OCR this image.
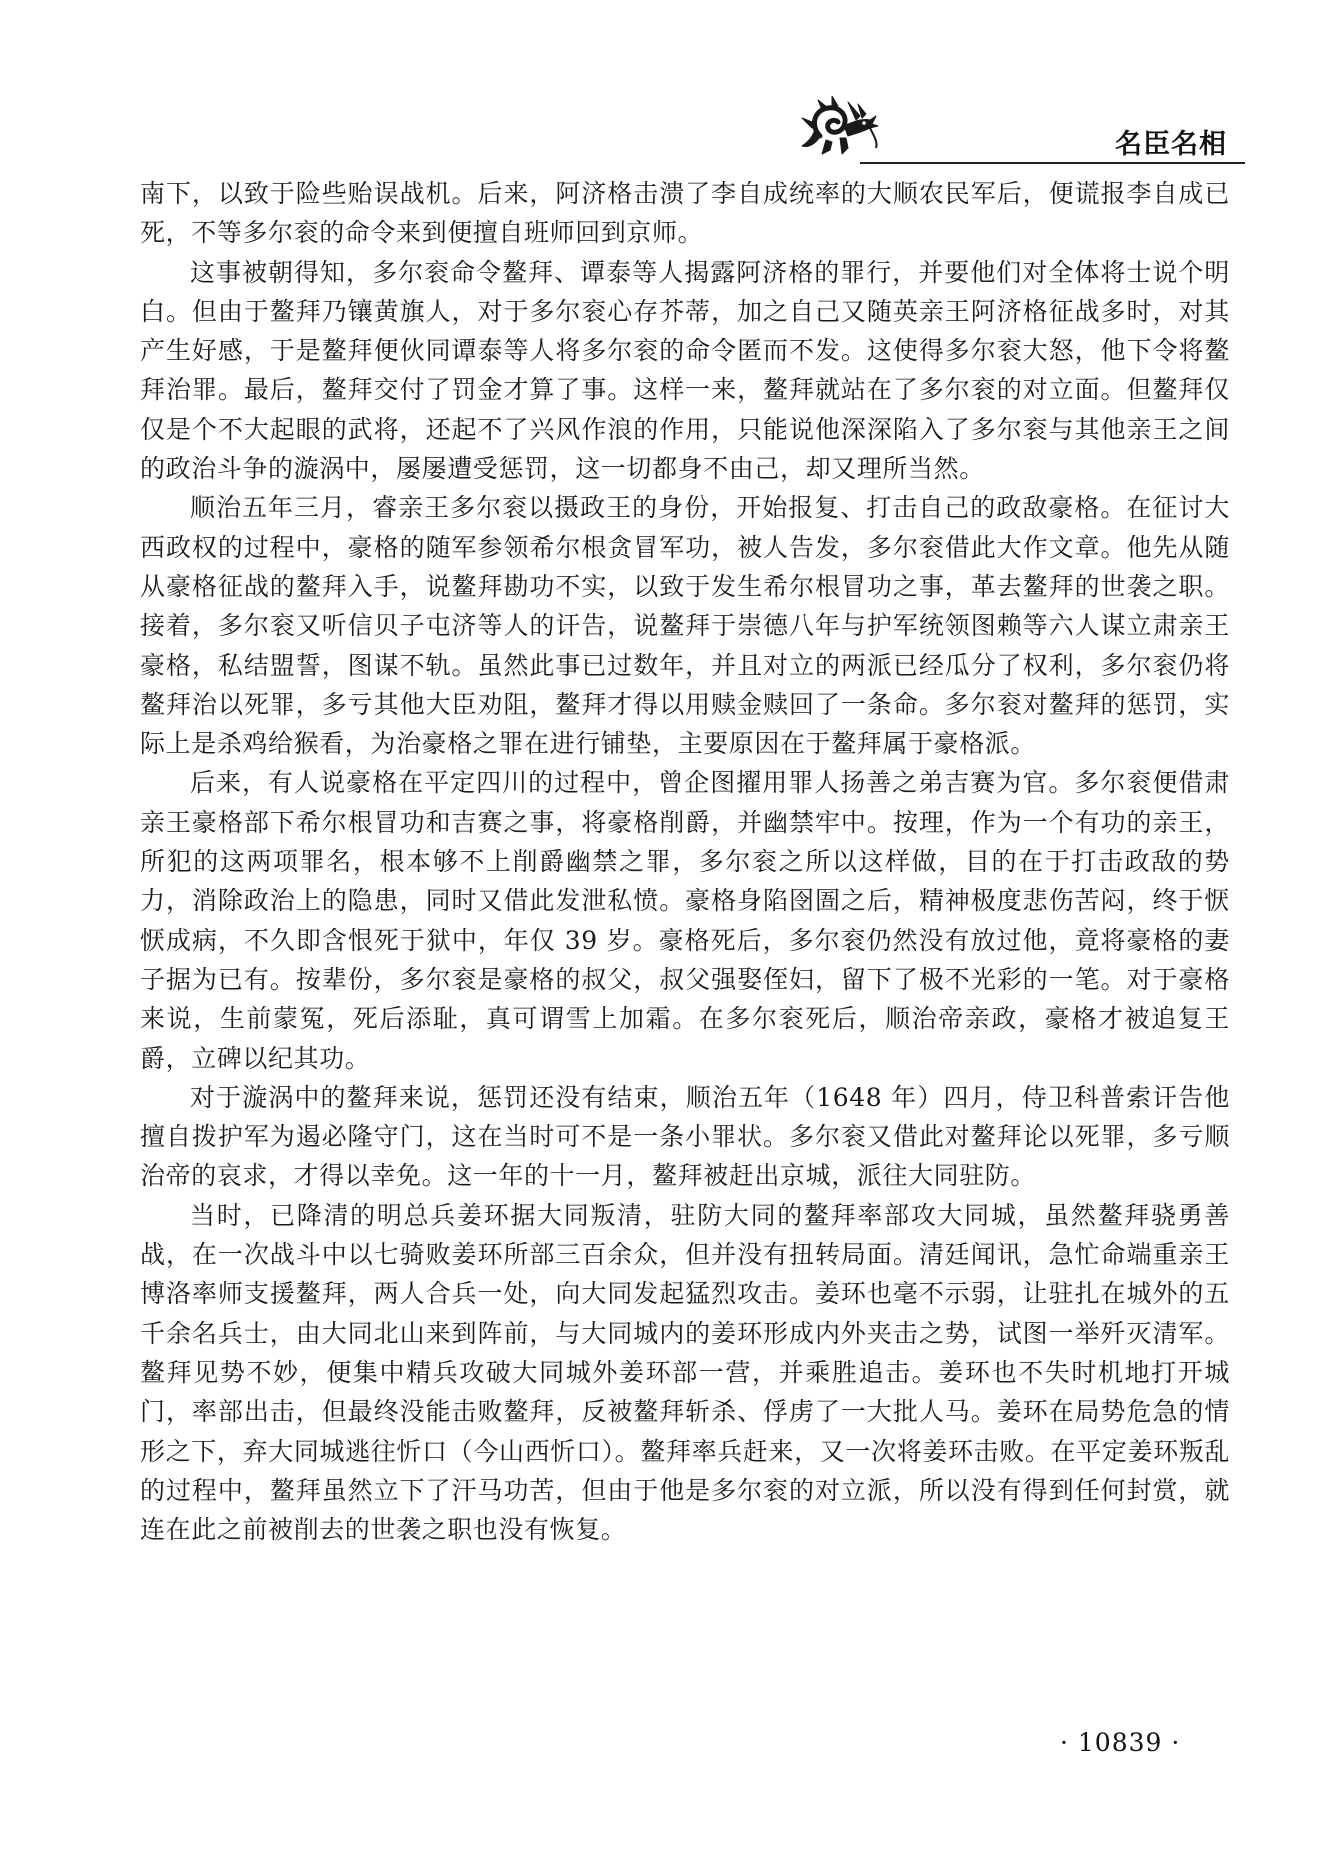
名臣名相

南下，以致于险些贻误战机。后来，阿济格击溃了李自成统率的大顺农民军后，便谎报李自成已死，不等多尔衮的命令来到便擅自班师回到京师。

这事被朝得知，多尔衮命令鳌拜、谭泰等人揭露阿济格的罪行，并要他们对全体将士说个明白。但由于鳌拜乃镶黄旗人，对于多尔衮心存芥蒂，加之自己又随英亲王阿济格征战多时，对其产生好感，于是鳌拜便伙同谭泰等人将多尔衮的命令匿而不发。这使得多尔衮大怒，他下令将鳌拜治罪。最后，鳌拜交付了罚金才算了事。这样一来，鳌拜就站在了多尔衮的对立面。但鳌拜仅仅是个不大起眼的武将，还起不了兴风作浪的作用，只能说他深深陷入了多尔衮与其他亲王之间的政治斗争的漩涡中，屡屡遭受惩罚，这一切都身不由己，却又理所当然。

顺治五年三月，睿亲王多尔衮以摄政王的身份，开始报复、打击自己的政敌豪格。在征讨大西政权的过程中，豪格的随军参领希尔根贪冒军功，被人告发，多尔衮借此大作文章。他先从随从豪格征战的鳌拜入手，说鳌拜勘功不实，以致于发生希尔根冒功之事，革去鳌拜的世袭之职。接着，多尔衮又听信贝子屯济等人的讦告，说鳌拜于崇德八年与护军统领图赖等六人谋立肃亲王豪格，私结盟誓，图谋不轨。虽然此事已过数年，并且对立的两派已经瓜分了权利，多尔衮仍将鳌拜治以死罪，多亏其他大臣劝阻，鳌拜才得以用赎金赎回了一条命。多尔衮对鳌拜的惩罚，实际上是杀鸡给猴看，为治豪格之罪在进行铺垫，主要原因在于鳌拜属于豪格派。

后来，有人说豪格在平定四川的过程中，曾企图擢用罪人扬善之弟吉赛为官。多尔衮便借肃亲王豪格部下希尔根冒功和吉赛之事，将豪格削爵，并幽禁牢中。按理，作为一个有功的亲王，所犯的这两项罪名，根本够不上削爵幽禁之罪，多尔衮之所以这样做，目的在于打击政敌的势力，消除政治上的隐患，同时又借此发泄私愤。豪格身陷囹圄之后，精神极度悲伤苦闷，终于恹恹成病，不久即含恨死于狱中，年仅 39 岁。豪格死后，多尔衮仍然没有放过他，竟将豪格的妻子据为已有。按辈份，多尔衮是豪格的叔父，叔父强娶侄妇，留下了极不光彩的一笔。对于豪格来说，生前蒙冤，死后添耻，真可谓雪上加霜。在多尔衮死后，顺治帝亲政，豪格才被追复王爵，立碑以纪其功。

对于漩涡中的鳌拜来说，惩罚还没有结束，顺治五年（1648 年）四月，侍卫科普索讦告他擅自拨护军为遏必隆守门，这在当时可不是一条小罪状。多尔衮又借此对鳌拜论以死罪，多亏顺治帝的哀求，才得以幸免。这一年的十一月，鳌拜被赶出京城，派往大同驻防。

当时，已降清的明总兵姜环据大同叛清，驻防大同的鳌拜率部攻大同城，虽然鳌拜骁勇善战，在一次战斗中以七骑败姜环所部三百余众，但并没有扭转局面。清廷闻讯，急忙命端重亲王博洛率师支援鳌拜，两人合兵一处，向大同发起猛烈攻击。姜环也毫不示弱，让驻扎在城外的五千余名兵士，由大同北山来到阵前，与大同城内的姜环形成内外夹击之势，试图一举歼灭清军。鳌拜见势不妙，便集中精兵攻破大同城外姜环部一营，并乘胜追击。姜环也不失时机地打开城门，率部出击，但最终没能击败鳌拜，反被鳌拜斩杀、俘虏了一大批人马。姜环在局势危急的情形之下，弃大同城逃往忻口（今山西忻口）。鳌拜率兵赶来，又一次将姜环击败。在平定姜环叛乱的过程中，鳌拜虽然立下了汗马功苦，但由于他是多尔衮的对立派，所以没有得到任何封赏，就连在此之前被削去的世袭之职也没有恢复。

· 10839 ·
